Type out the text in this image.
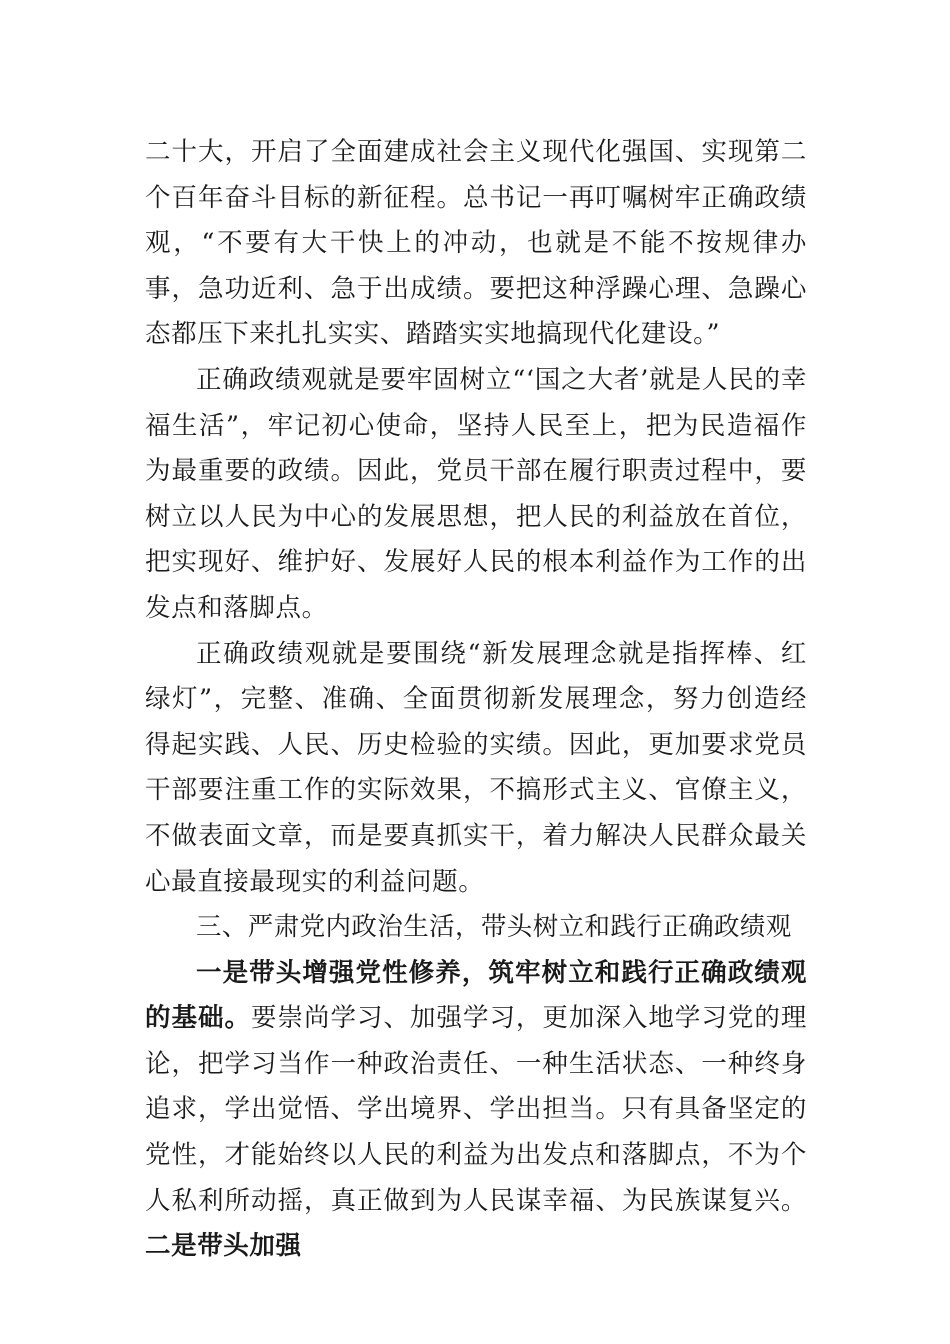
二十大，开启了全面建成社会主义现代化强国、实现第二个百年奋斗目标的新征程。总书记一再叮嘱树牢正确政绩观，“不要有大干快上的冲动，也就是不能不按规律办事，急功近利、急于出成绩。要把这种浮躁心理、急躁心态都压下来扎扎实实、踏踏实实地搞现代化建设。”

正确政绩观就是要牢固树立“‘国之大者’就是人民的幸福生活”，牢记初心使命，坚持人民至上，把为民造福作为最重要的政绩。因此，党员干部在履行职责过程中，要树立以人民为中心的发展思想，把人民的利益放在首位，把实现好、维护好、发展好人民的根本利益作为工作的出发点和落脚点。

正确政绩观就是要围绕“新发展理念就是指挥棒、红绿灯”，完整、准确、全面贯彻新发展理念，努力创造经得起实践、人民、历史检验的实绩。因此，更加要求党员干部要注重工作的实际效果，不搞形式主义、官僚主义，不做表面文章，而是要真抓实干，着力解决人民群众最关心最直接最现实的利益问题。

三、严肃党内政治生活，带头树立和践行正确政绩观

一是带头增强党性修养，筑牢树立和践行正确政绩观的基础。要崇尚学习、加强学习，更加深入地学习党的理论，把学习当作一种政治责任、一种生活状态、一种终身追求，学出觉悟、学出境界、学出担当。只有具备坚定的党性，才能始终以人民的利益为出发点和落脚点，不为个人私利所动摇，真正做到为人民谋幸福、为民族谋复兴。二是带头加强
